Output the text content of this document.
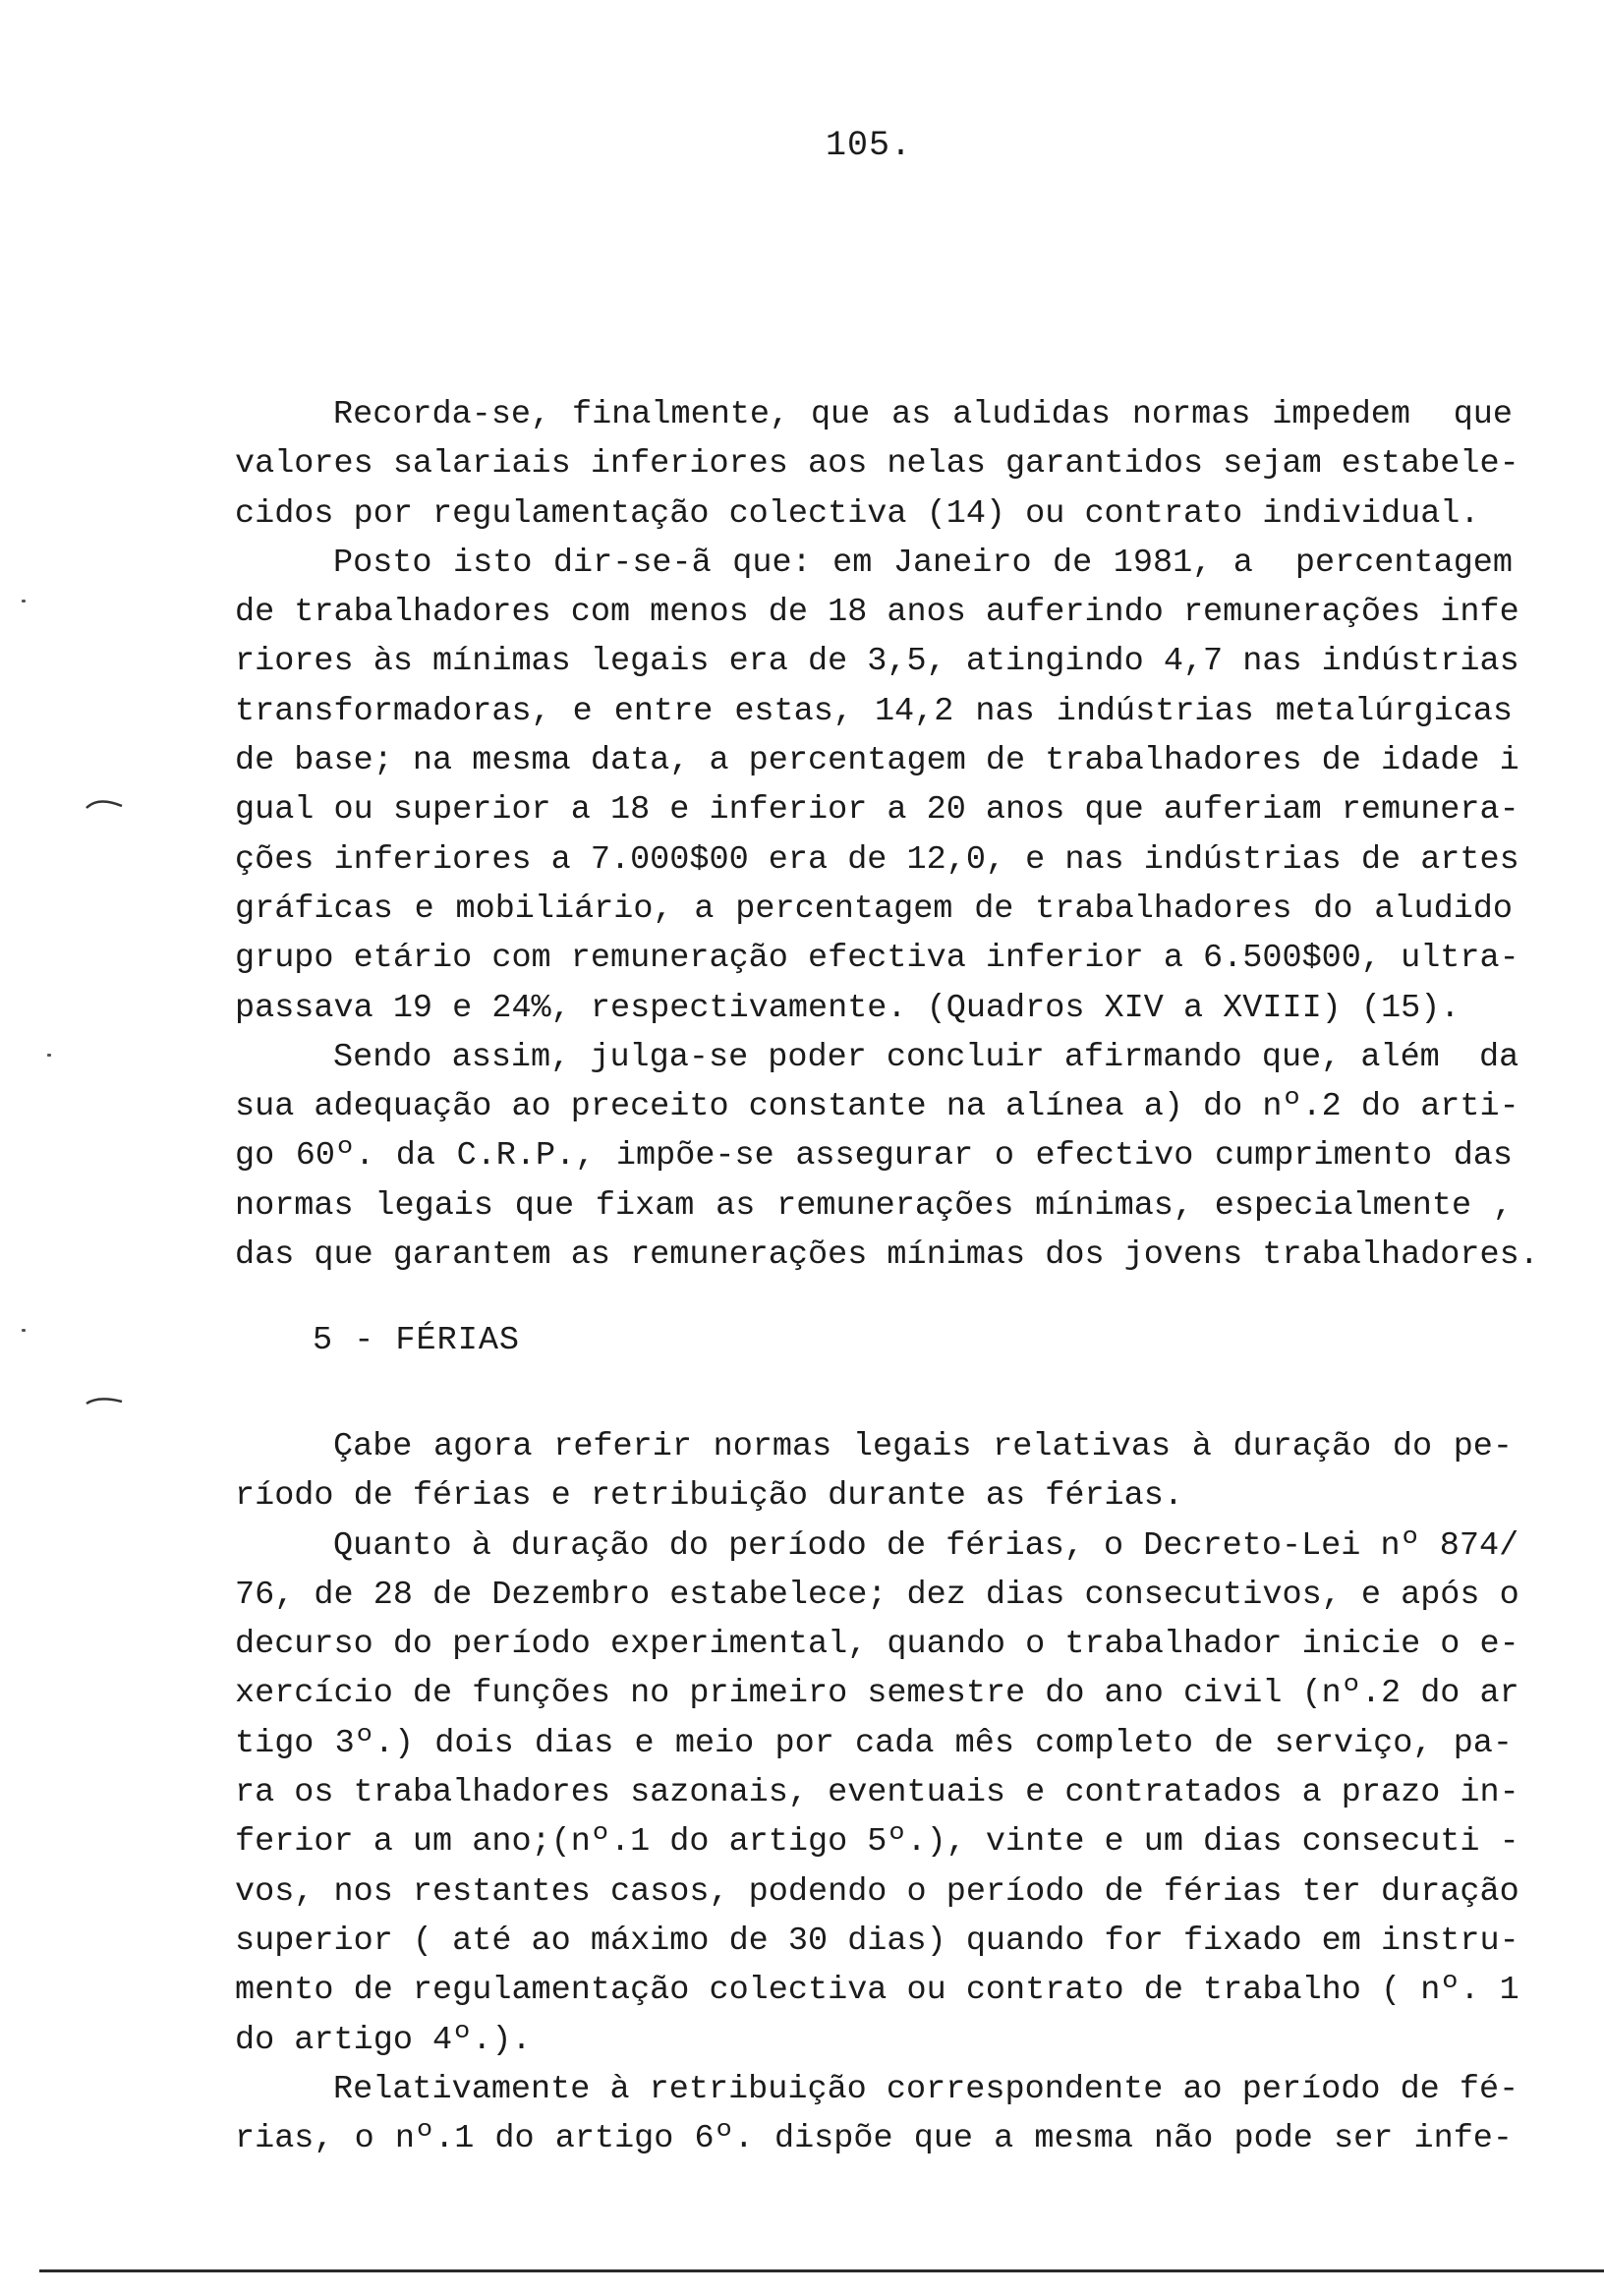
105.
Recorda-se, finalmente, que as aludidas normas impedem  que
valores salariais inferiores aos nelas garantidos sejam estabele-
cidos por regulamentação colectiva (14) ou contrato individual.
Posto isto dir-se-ã que: em Janeiro de 1981, a  percentagem
de trabalhadores com menos de 18 anos auferindo remunerações infe
riores às mínimas legais era de 3,5, atingindo 4,7 nas indústrias
transformadoras, e entre estas, 14,2 nas indústrias metalúrgicas
de base; na mesma data, a percentagem de trabalhadores de idade i
gual ou superior a 18 e inferior a 20 anos que auferiam remunera-
ções inferiores a 7.000$00 era de 12,0, e nas indústrias de artes
gráficas e mobiliário, a percentagem de trabalhadores do aludido
grupo etário com remuneração efectiva inferior a 6.500$00, ultra-
passava 19 e 24%, respectivamente. (Quadros XIV a XVIII) (15).
Sendo assim, julga-se poder concluir afirmando que, além  da
sua adequação ao preceito constante na alínea a) do nº.2 do arti-
go 60º. da C.R.P., impõe-se assegurar o efectivo cumprimento das
normas legais que fixam as remunerações mínimas, especialmente ,
das que garantem as remunerações mínimas dos jovens trabalhadores.
5 - FÉRIAS
Çabe agora referir normas legais relativas à duração do pe-
ríodo de férias e retribuição durante as férias.
Quanto à duração do período de férias, o Decreto-Lei nº 874/
76, de 28 de Dezembro estabelece; dez dias consecutivos, e após o
decurso do período experimental, quando o trabalhador inicie o e-
xercício de funções no primeiro semestre do ano civil (nº.2 do ar
tigo 3º.) dois dias e meio por cada mês completo de serviço, pa-
ra os trabalhadores sazonais, eventuais e contratados a prazo in-
ferior a um ano;(nº.1 do artigo 5º.), vinte e um dias consecuti -
vos, nos restantes casos, podendo o período de férias ter duração
superior ( até ao máximo de 30 dias) quando for fixado em instru-
mento de regulamentação colectiva ou contrato de trabalho ( nº. 1
do artigo 4º.).
Relativamente à retribuição correspondente ao período de fé-
rias, o nº.1 do artigo 6º. dispõe que a mesma não pode ser infe-
